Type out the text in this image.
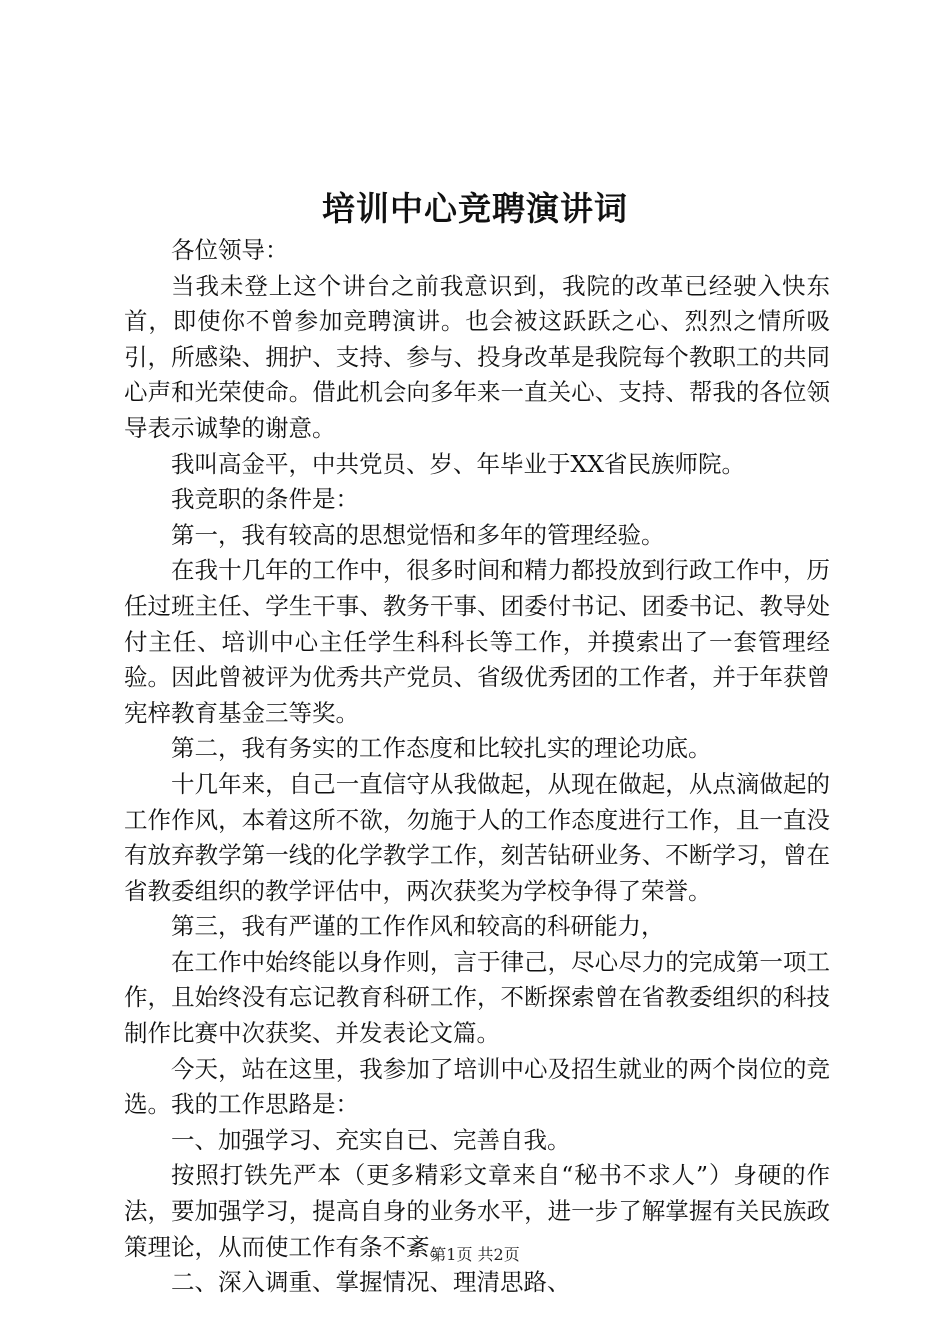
培训中心竞聘演讲词

各位领导：

当我未登上这个讲台之前我意识到，我院的改革已经驶入快东首，即使你不曾参加竞聘演讲。也会被这跃跃之心、烈烈之情所吸引，所感染、拥护、支持、参与、投身改革是我院每个教职工的共同心声和光荣使命。借此机会向多年来一直关心、支持、帮我的各位领导表示诚挚的谢意。

我叫高金平，中共党员、岁、年毕业于XX省民族师院。

我竞职的条件是：

第一，我有较高的思想觉悟和多年的管理经验。

在我十几年的工作中，很多时间和精力都投放到行政工作中，历任过班主任、学生干事、教务干事、团委付书记、团委书记、教导处付主任、培训中心主任学生科科长等工作，并摸索出了一套管理经验。因此曾被评为优秀共产党员、省级优秀团的工作者，并于年获曾宪梓教育基金三等奖。

第二，我有务实的工作态度和比较扎实的理论功底。

十几年来，自己一直信守从我做起，从现在做起，从点滴做起的工作作风，本着这所不欲，勿施于人的工作态度进行工作，且一直没有放弃教学第一线的化学教学工作，刻苦钻研业务、不断学习，曾在省教委组织的教学评估中，两次获奖为学校争得了荣誉。

第三，我有严谨的工作作风和较高的科研能力，

在工作中始终能以身作则，言于律己，尽心尽力的完成第一项工作，且始终没有忘记教育科研工作，不断探索曾在省教委组织的科技制作比赛中次获奖、并发表论文篇。

今天，站在这里，我参加了培训中心及招生就业的两个岗位的竞选。我的工作思路是：

一、加强学习、充实自已、完善自我。

按照打铁先严本（更多精彩文章来自“秘书不求人”）身硬的作法，要加强学习，提高自身的业务水平，进一步了解掌握有关民族政策理论，从而使工作有条不紊。

二、深入调重、掌握情况、理清思路、

第1页 共2页
